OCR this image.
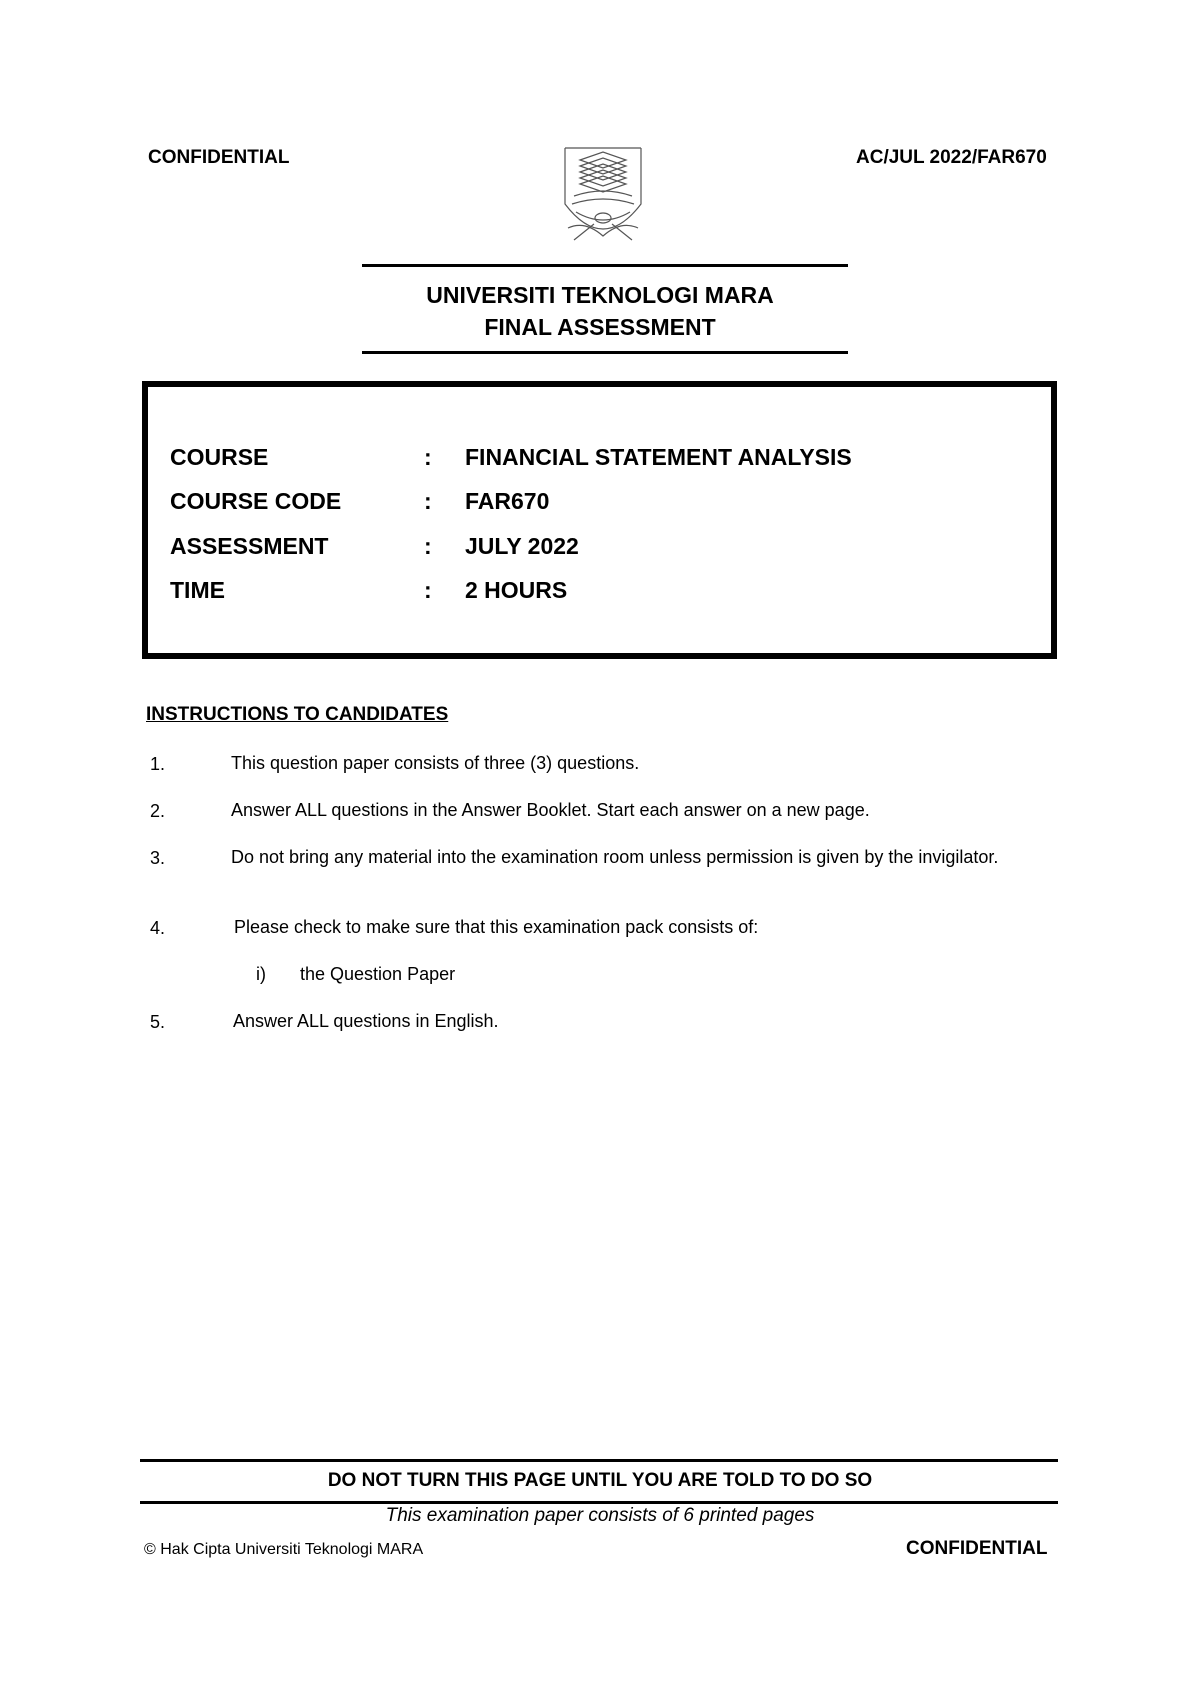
CONFIDENTIAL	AC/JUL 2022/FAR670
UNIVERSITI TEKNOLOGI MARA
FINAL ASSESSMENT
COURSE	: FINANCIAL STATEMENT ANALYSIS
COURSE CODE	: FAR670
ASSESSMENT	: JULY 2022
TIME	: 2 HOURS
INSTRUCTIONS TO CANDIDATES
1.	This question paper consists of three (3) questions.
2.	Answer ALL questions in the Answer Booklet. Start each answer on a new page.
3.	Do not bring any material into the examination room unless permission is given by the invigilator.
4.	Please check to make sure that this examination pack consists of:
i) the Question Paper
5.	Answer ALL questions in English.
DO NOT TURN THIS PAGE UNTIL YOU ARE TOLD TO DO SO
This examination paper consists of 6 printed pages
© Hak Cipta Universiti Teknologi MARA	CONFIDENTIAL
